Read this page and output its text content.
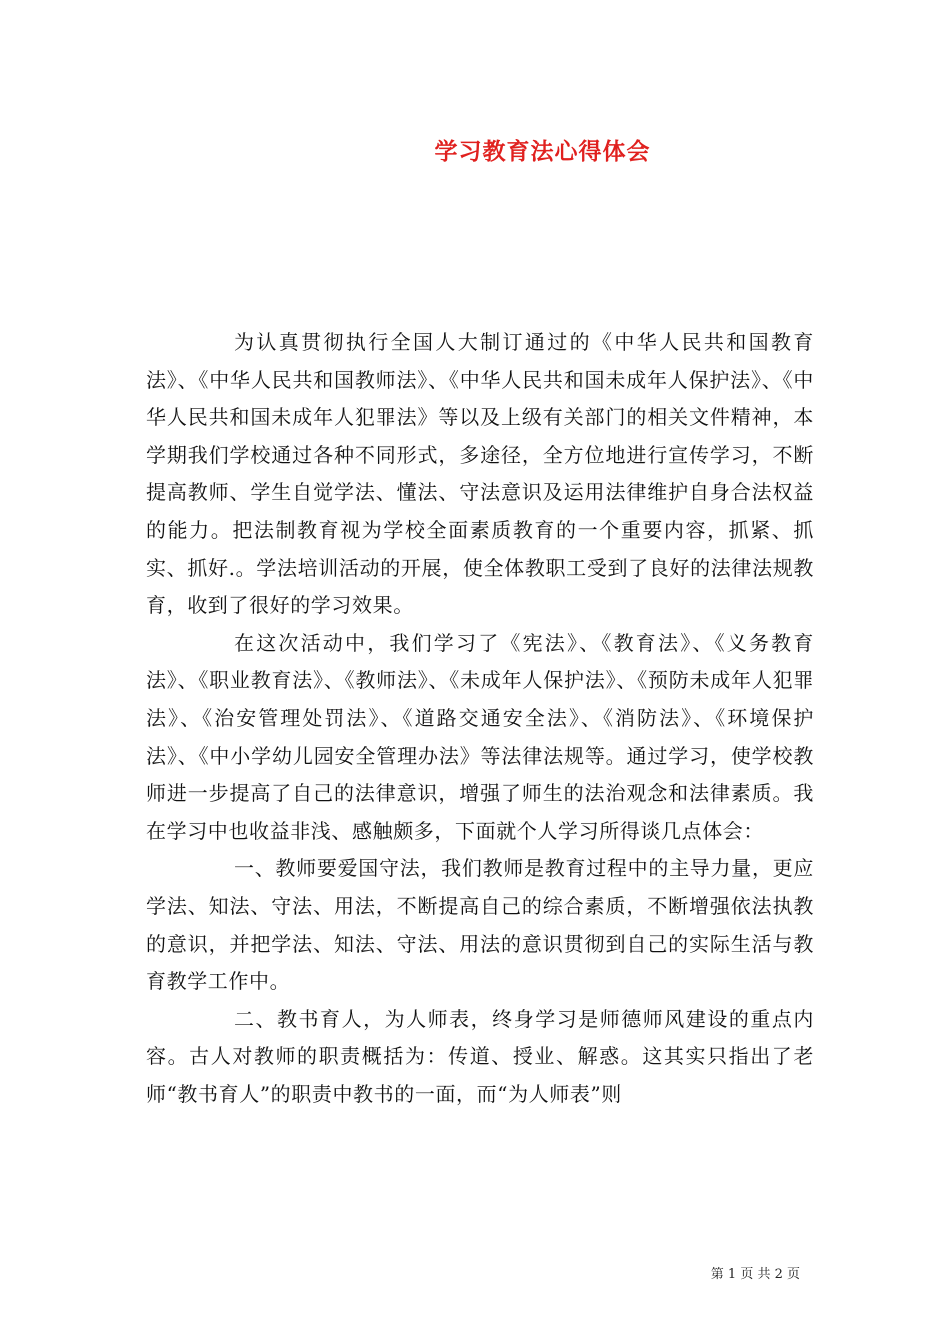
学习教育法心得体会

为认真贯彻执行全国人大制订通过的《中华人民共和国教育法》、《中华人民共和国教师法》、《中华人民共和国未成年人保护法》、《中华人民共和国未成年人犯罪法》等以及上级有关部门的相关文件精神，本学期我们学校通过各种不同形式，多途径，全方位地进行宣传学习，不断提高教师、学生自觉学法、懂法、守法意识及运用法律维护自身合法权益的能力。把法制教育视为学校全面素质教育的一个重要内容，抓紧、抓实、抓好.。学法培训活动的开展，使全体教职工受到了良好的法律法规教育，收到了很好的学习效果。

在这次活动中，我们学习了《宪法》、《教育法》、《义务教育法》、《职业教育法》、《教师法》、《未成年人保护法》、《预防未成年人犯罪法》、《治安管理处罚法》、《道路交通安全法》、《消防法》、《环境保护法》、《中小学幼儿园安全管理办法》等法律法规等。通过学习，使学校教师进一步提高了自己的法律意识，增强了师生的法治观念和法律素质。我在学习中也收益非浅、感触颇多，下面就个人学习所得谈几点体会：

一、教师要爱国守法，我们教师是教育过程中的主导力量，更应学法、知法、守法、用法，不断提高自己的综合素质，不断增强依法执教的意识，并把学法、知法、守法、用法的意识贯彻到自己的实际生活与教育教学工作中。

二、教书育人，为人师表，终身学习是师德师风建设的重点内容。古人对教师的职责概括为：传道、授业、解惑。这其实只指出了老师“教书育人”的职责中教书的一面，而“为人师表”则

第 1 页 共 2 页
